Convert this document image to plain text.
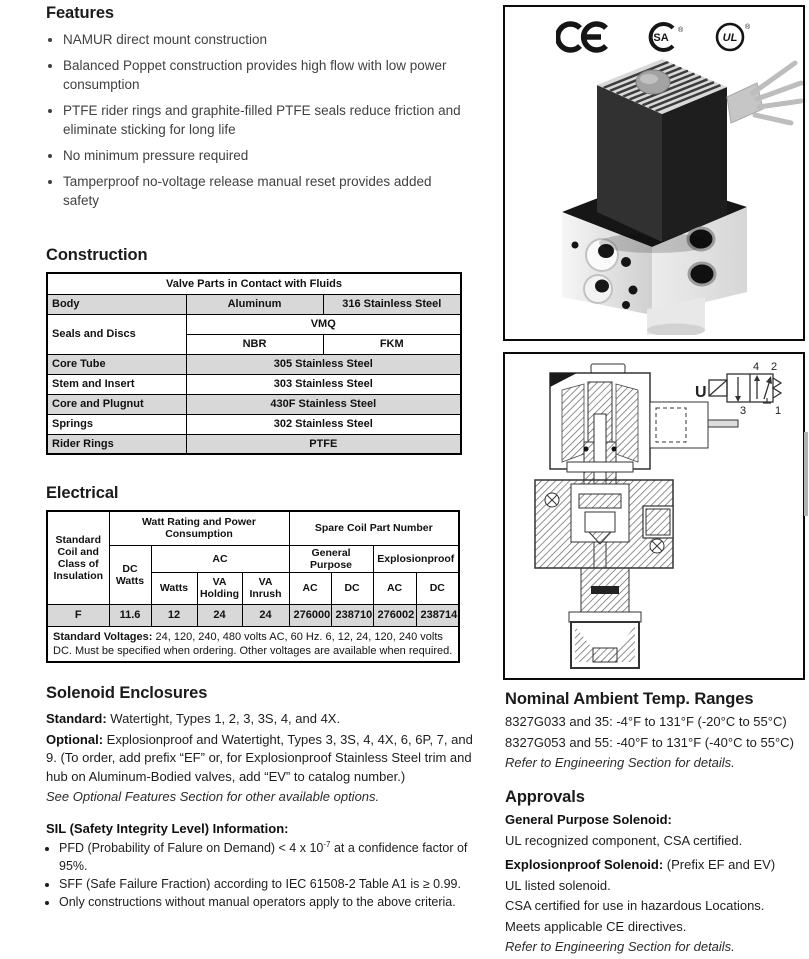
Features
• NAMUR direct mount construction
• Balanced Poppet construction provides high flow with low power consumption
• PTFE rider rings and graphite-filled PTFE seals reduce friction and eliminate sticking for long life
• No minimum pressure required
• Tamperproof no-voltage release manual reset provides added safety
Construction
Valve Parts in Contact with Fluids		
Body	Aluminum	316 Stainless Steel
Seals and Discs	VMQ	
	NBR	FKM
Core Tube	305 Stainless Steel	
Stem and Insert	303 Stainless Steel	
Core and Plugnut	430F Stainless Steel	
Springs	302 Stainless Steel	
Rider Rings	PTFE	
Electrical
Standard Coil and Class of Insulation	Watt Rating and Power Consumption				Spare Coil Part Number			
	DC Watts	AC			General Purpose		Explosionproof	
		Watts	VA Holding	VA Inrush	AC	DC	AC	DC
F	11.6	12	24	24	276000	238710	276002	238714
Standard Voltages: 24, 120, 240, 480 volts AC, 60 Hz. 6, 12, 24, 120, 240 volts DC. Must be specified when ordering. Other voltages are available when required.								
Solenoid Enclosures

Standard: Watertight, Types 1, 2, 3, 3S, 4, and 4X.

Optional: Explosionproof and Watertight, Types 3, 3S, 4, 4X, 6, 6P, 7, and 9. (To order, add prefix “EF” or, for Explosionproof Stainless Steel trim and hub on Aluminum-Bodied valves, add “EV” to catalog number.)

See Optional Features Section for other available options.

SIL (Safety Integrity Level) Information:

• PFD (Probability of Falure on Demand) < 4 x $10^{-7}$ at a confidence factor of 95%.
• SFF (Safe Failure Fraction) according to IEC 61508-2 Table A1 is ≥ 0.99.
• Only constructions without manual operators apply to the above criteria.
SA
®
UL
®
U
4 2
3	1
Nominal Ambient Temp. Ranges

8327G033 and 35: -4°F to 131°F (-20°C to 55°C)

8327G053 and 55: -40°F to 131°F (-40°C to 55°C)

Refer to Engineering Section for details.

Approvals

General Purpose Solenoid:

UL recognized component, CSA certified.

Explosionproof Solenoid: (Prefix EF and EV)

UL listed solenoid.

CSA certified for use in hazardous Locations.

Meets applicable CE directives.

Refer to Engineering Section for details.
